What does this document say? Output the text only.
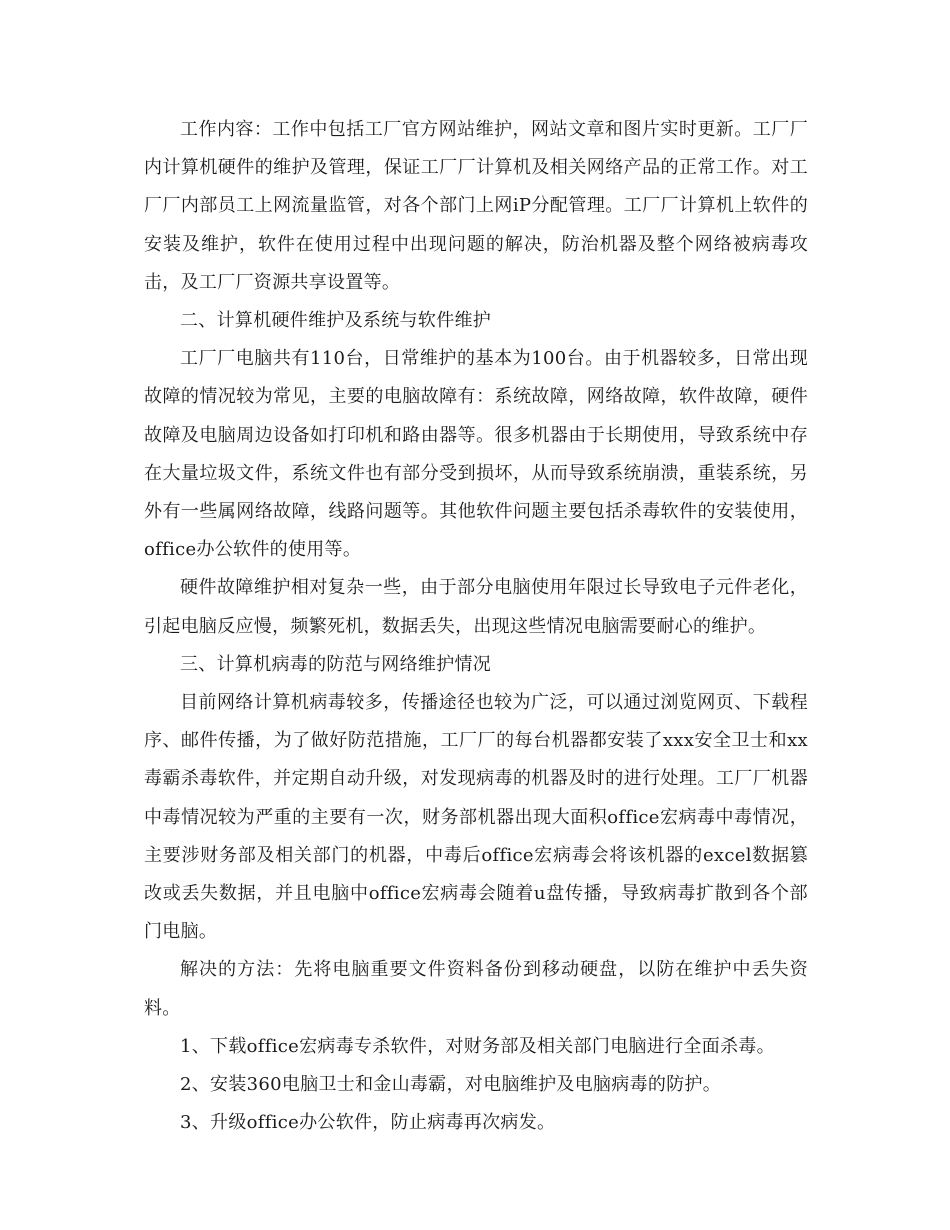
工作内容：工作中包括工厂官方网站维护，网站文章和图片实时更新。工厂厂内计算机硬件的维护及管理，保证工厂厂计算机及相关网络产品的正常工作。对工厂厂内部员工上网流量监管，对各个部门上网iP分配管理。工厂厂计算机上软件的安装及维护，软件在使用过程中出现问题的解决，防治机器及整个网络被病毒攻击，及工厂厂资源共享设置等。

二、计算机硬件维护及系统与软件维护

工厂厂电脑共有110台，日常维护的基本为100台。由于机器较多，日常出现故障的情况较为常见，主要的电脑故障有：系统故障，网络故障，软件故障，硬件故障及电脑周边设备如打印机和路由器等。很多机器由于长期使用，导致系统中存在大量垃圾文件，系统文件也有部分受到损坏，从而导致系统崩溃，重装系统，另外有一些属网络故障，线路问题等。其他软件问题主要包括杀毒软件的安装使用，office办公软件的使用等。

硬件故障维护相对复杂一些，由于部分电脑使用年限过长导致电子元件老化，引起电脑反应慢，频繁死机，数据丢失，出现这些情况电脑需要耐心的维护。

三、计算机病毒的防范与网络维护情况

目前网络计算机病毒较多，传播途径也较为广泛，可以通过浏览网页、下载程序、邮件传播，为了做好防范措施，工厂厂的每台机器都安装了xxx安全卫士和xx毒霸杀毒软件，并定期自动升级，对发现病毒的机器及时的进行处理。工厂厂机器中毒情况较为严重的主要有一次，财务部机器出现大面积office宏病毒中毒情况，主要涉财务部及相关部门的机器，中毒后office宏病毒会将该机器的excel数据篡改或丢失数据，并且电脑中office宏病毒会随着u盘传播，导致病毒扩散到各个部门电脑。

解决的方法：先将电脑重要文件资料备份到移动硬盘，以防在维护中丢失资料。

1、下载office宏病毒专杀软件，对财务部及相关部门电脑进行全面杀毒。

2、安装360电脑卫士和金山毒霸，对电脑维护及电脑病毒的防护。

3、升级office办公软件，防止病毒再次病发。
